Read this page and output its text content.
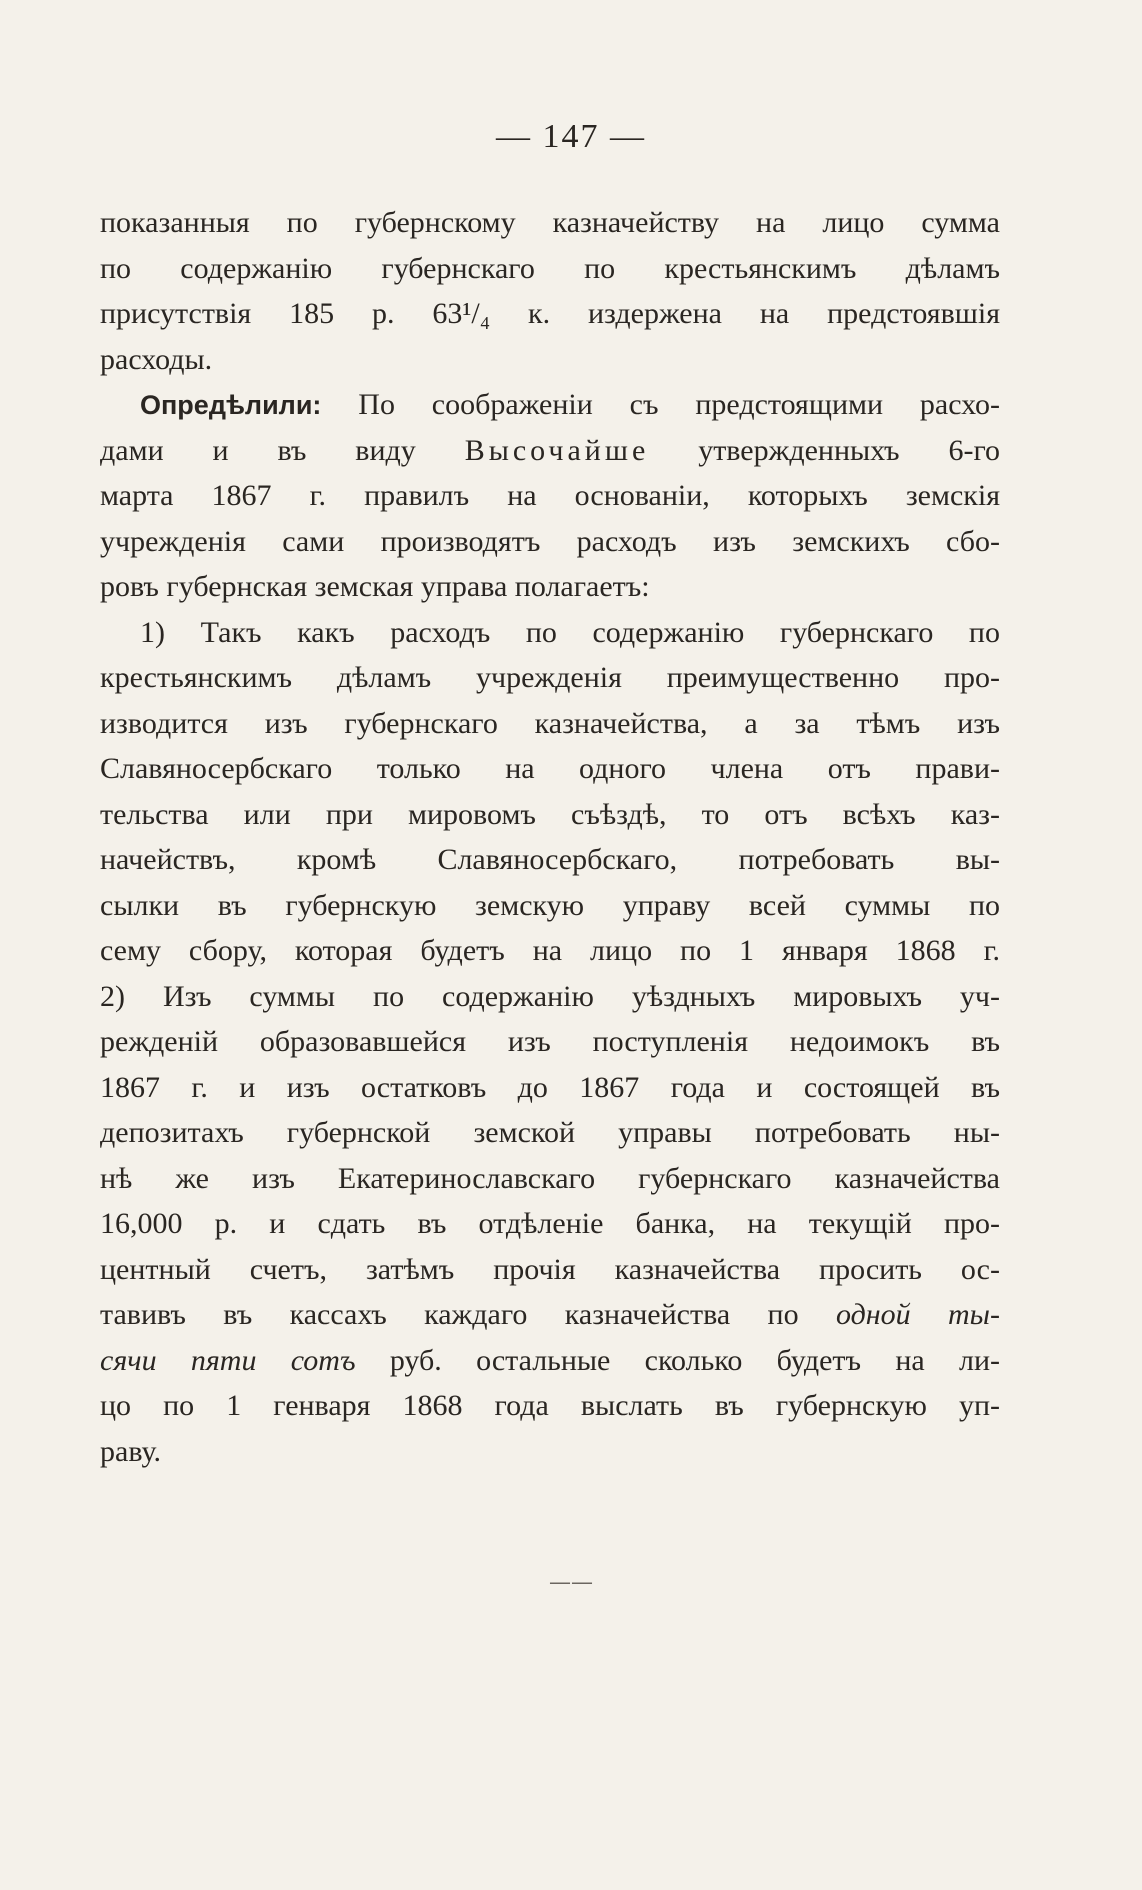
— 147 —
показанныя по губернскому казначейству на лицо сумма
по содержанію губернскаго по крестьянскимъ дѣламъ
присутствія 185 р. 63¹/₄ к. издержена на предстоявшія
расходы.
Опредѣлили: По соображеніи съ предстоящими расхо-
дами и въ виду Высочайше утвержденныхъ 6-го
марта 1867 г. правилъ на основаніи, которыхъ земскія
учрежденія сами производятъ расходъ изъ земскихъ сбо-
ровъ губернская земская управа полагаетъ:
1) Такъ какъ расходъ по содержанію губернскаго по
крестьянскимъ дѣламъ учрежденія преимущественно про-
изводится изъ губернскаго казначейства, а за тѣмъ изъ
Славяносербскаго только на одного члена отъ прави-
тельства или при мировомъ съѣздѣ, то отъ всѣхъ каз-
начействъ, кромѣ Славяносербскаго, потребовать вы-
сылки въ губернскую земскую управу всей суммы по
сему сбору, которая будетъ на лицо по 1 января 1868 г.
2) Изъ суммы по содержанію уѣздныхъ мировыхъ уч-
режденій образовавшейся изъ поступленія недоимокъ въ
1867 г. и изъ остатковъ до 1867 года и состоящей въ
депозитахъ губернской земской управы потребовать ны-
нѣ же изъ Екатеринославскаго губернскаго казначейства
16,000 р. и сдать въ отдѣленіе банка, на текущій про-
центный счетъ, затѣмъ прочія казначейства просить ос-
тавивъ въ кассахъ каждаго казначейства по одной ты-
сячи пяти сотъ руб. остальные сколько будетъ на ли-
цо по 1 генваря 1868 года выслать въ губернскую уп-
раву.
——
